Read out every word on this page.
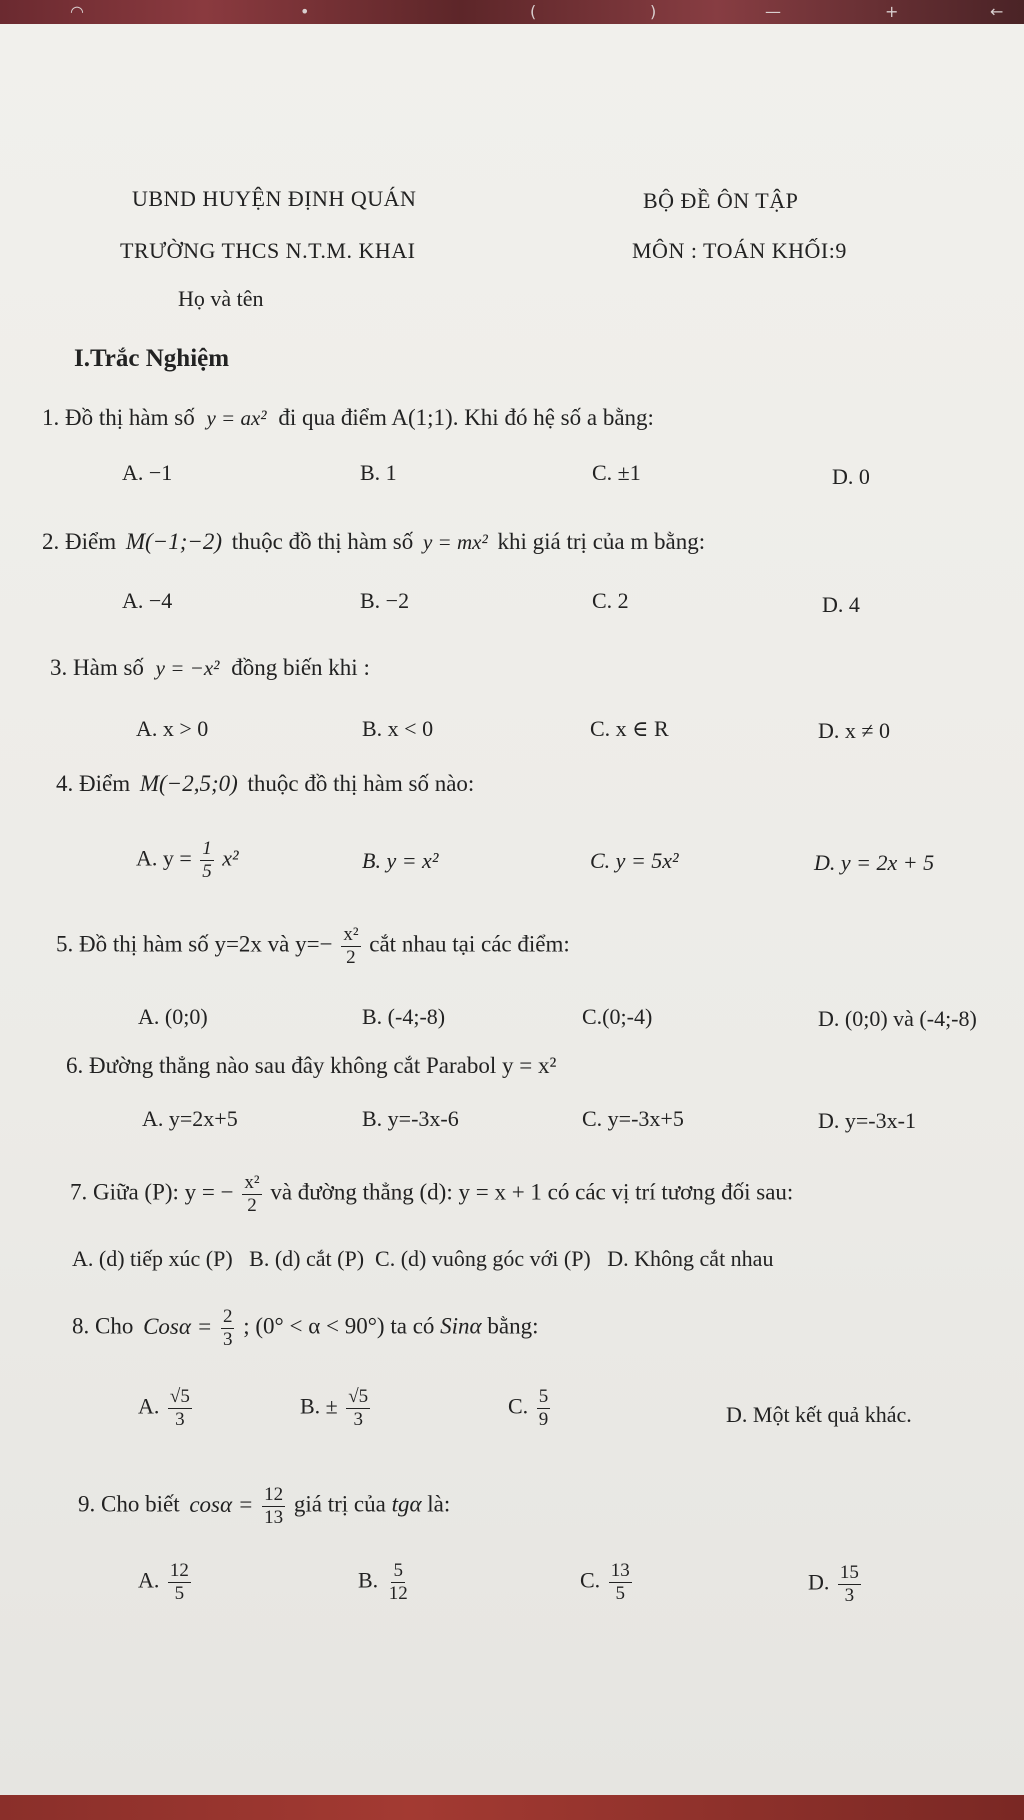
◠	•	(	)	—	+	←
UBND HUYỆN ĐỊNH QUÁN
TRƯỜNG THCS N.T.M. KHAI
Họ và tên
BỘ ĐỀ ÔN TẬP
MÔN : TOÁN KHỐI:9
I.Trắc Nghiệm
1. Đồ thị hàm số y = ax² đi qua điểm A(1;1). Khi đó hệ số a bằng:
A. −1	B. 1	C. ±1	D. 0
2. Điểm M(−1;−2) thuộc đồ thị hàm số y = mx² khi giá trị của m bằng:
A. −4	B. −2	C. 2	D. 4
3. Hàm số y = −x² đồng biến khi :
A. x > 0	B. x < 0	C. x ∈ R	D. x ≠ 0
4. Điểm M(−2,5;0) thuộc đồ thị hàm số nào:
A. $y = \frac{1}{5} x^2$	B. y = x²	C. y = 5x²	D. y = 2x + 5
5. Đồ thị hàm số y=2x và $y=- \frac{\text{x²}}{2}$ cắt nhau tại các điểm:
A. (0;0)	B. (-4;-8)	C.(0;-4)	D. (0;0) và (-4;-8)
6. Đường thẳng nào sau đây không cắt Parabol y = x²
A. y=2x+5	B. y=-3x-6	C. y=-3x+5	D. y=-3x-1
7. Giữa (P): y = − $\frac{\text{x²}}{2}$ và đường thẳng (d): y = x + 1 có các vị trí tương đối sau:
A. (d) tiếp xúc (P)   B. (d) cắt (P)  C. (d) vuông góc với (P)   D. Không cắt nhau
8. Cho $Cos\alpha = \frac{2}{3}$ ; (0° < α < 90°) ta có Sinα bằng:
A. $\frac{√5}{3}$	B. ± $\frac{√5}{3}$	C. $\frac{5}{9}$	D. Một kết quả khác.
9. Cho biết $\cos\alpha = \frac{12}{13}$ giá trị của tgα là:
A. $\frac{12}{5}$	B. $\frac{5}{12}$	C. $\frac{13}{5}$	D. $\frac{15}{3}$
